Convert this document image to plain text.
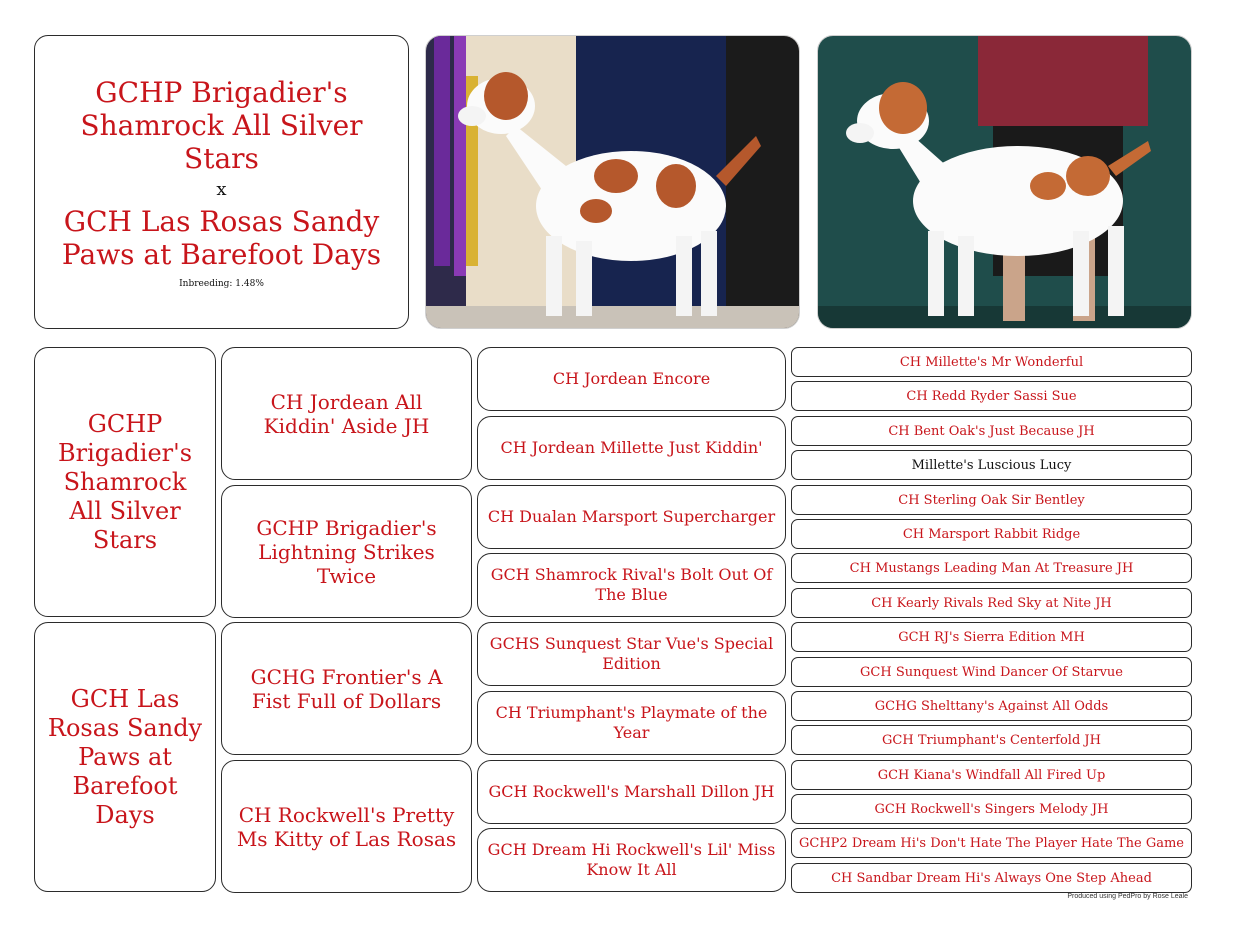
GCHP Brigadier's Shamrock All Silver Stars
x
GCH Las Rosas Sandy Paws at Barefoot Days
Inbreeding: 1.48%
GCHP Brigadier's Shamrock All Silver Stars
GCH Las Rosas Sandy Paws at Barefoot Days
CH Jordean All Kiddin' Aside JH
GCHP Brigadier's Lightning Strikes Twice
GCHG Frontier's A Fist Full of Dollars
CH Rockwell's Pretty Ms Kitty of Las Rosas
CH Jordean Encore
CH Jordean Millette Just Kiddin'
CH Dualan Marsport Supercharger
GCH Shamrock Rival's Bolt Out Of The Blue
GCHS Sunquest Star Vue's Special Edition
CH Triumphant's Playmate of the Year
GCH Rockwell's Marshall Dillon JH
GCH Dream Hi Rockwell's Lil' Miss Know It All
CH Millette's Mr Wonderful
CH Redd Ryder Sassi Sue
CH Bent Oak's Just Because JH
Millette's Luscious Lucy
CH Sterling Oak Sir Bentley
CH Marsport Rabbit Ridge
CH Mustangs Leading Man At Treasure JH
CH Kearly Rivals Red Sky at Nite JH
GCH RJ's Sierra Edition MH
GCH Sunquest Wind Dancer Of Starvue
GCHG Shelttany's Against All Odds
GCH Triumphant's Centerfold JH
GCH Kiana's Windfall All Fired Up
GCH Rockwell's Singers Melody JH
GCHP2 Dream Hi's Don't Hate The Player Hate The Game
CH Sandbar Dream Hi's Always One Step Ahead
Produced using PedPro by Rose Leale
